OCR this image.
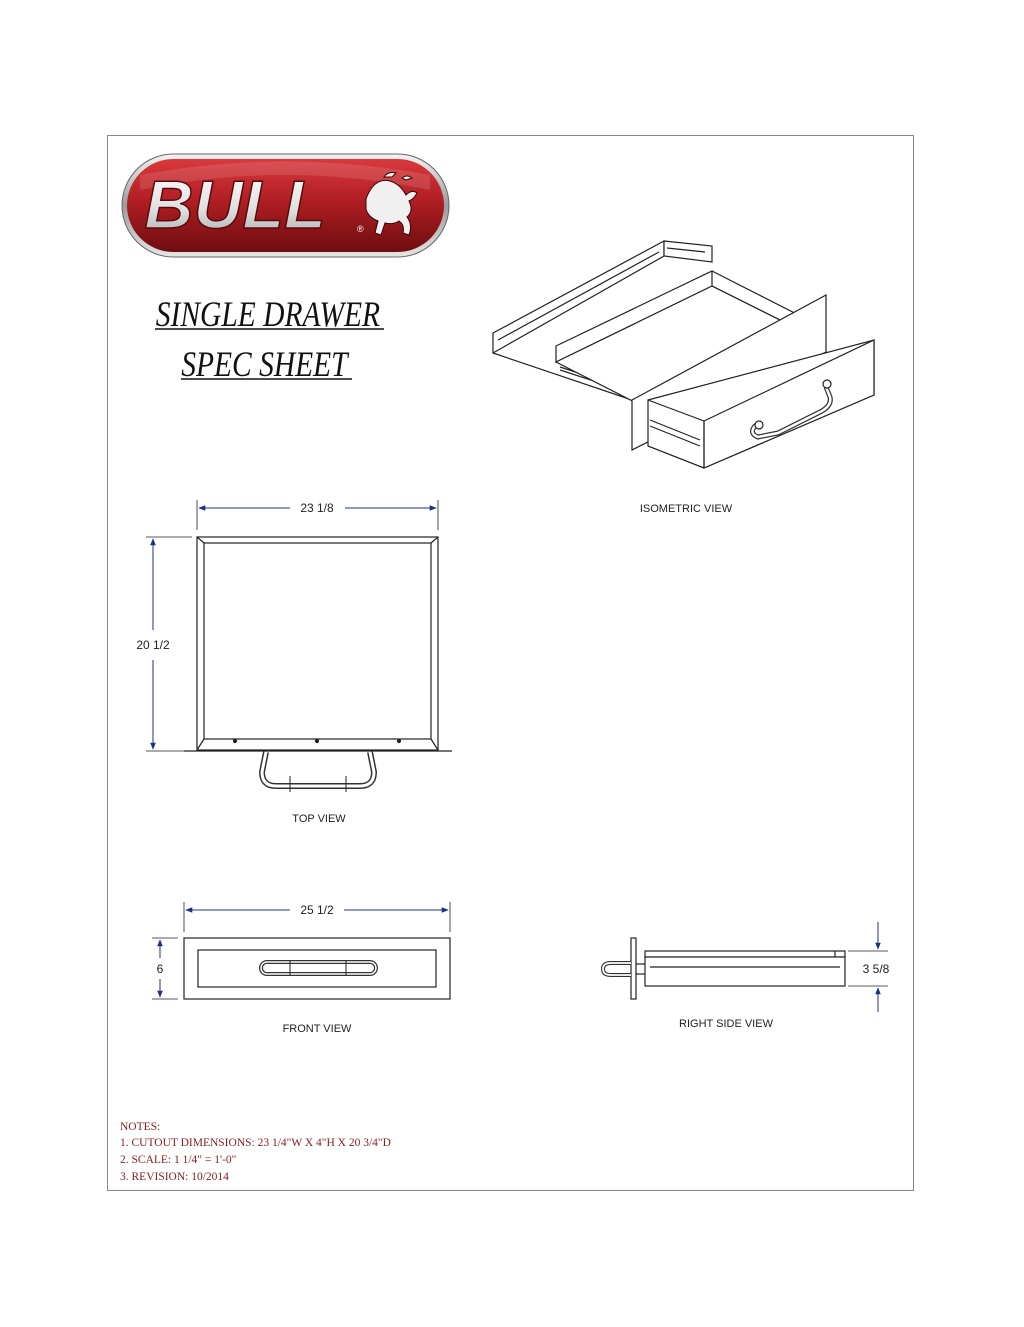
BULL	®
SINGLE DRAWER
SPEC SHEET
ISOMETRIC VIEW
23 1/8
20 1/2
TOP VIEW
25 1/2
6
FRONT VIEW
3 5/8
RIGHT SIDE VIEW
NOTES:
1. CUTOUT DIMENSIONS: 23 1/4"W X 4"H X 20 3/4"D
2. SCALE: 1 1/4" = 1'-0"
3. REVISION: 10/2014
